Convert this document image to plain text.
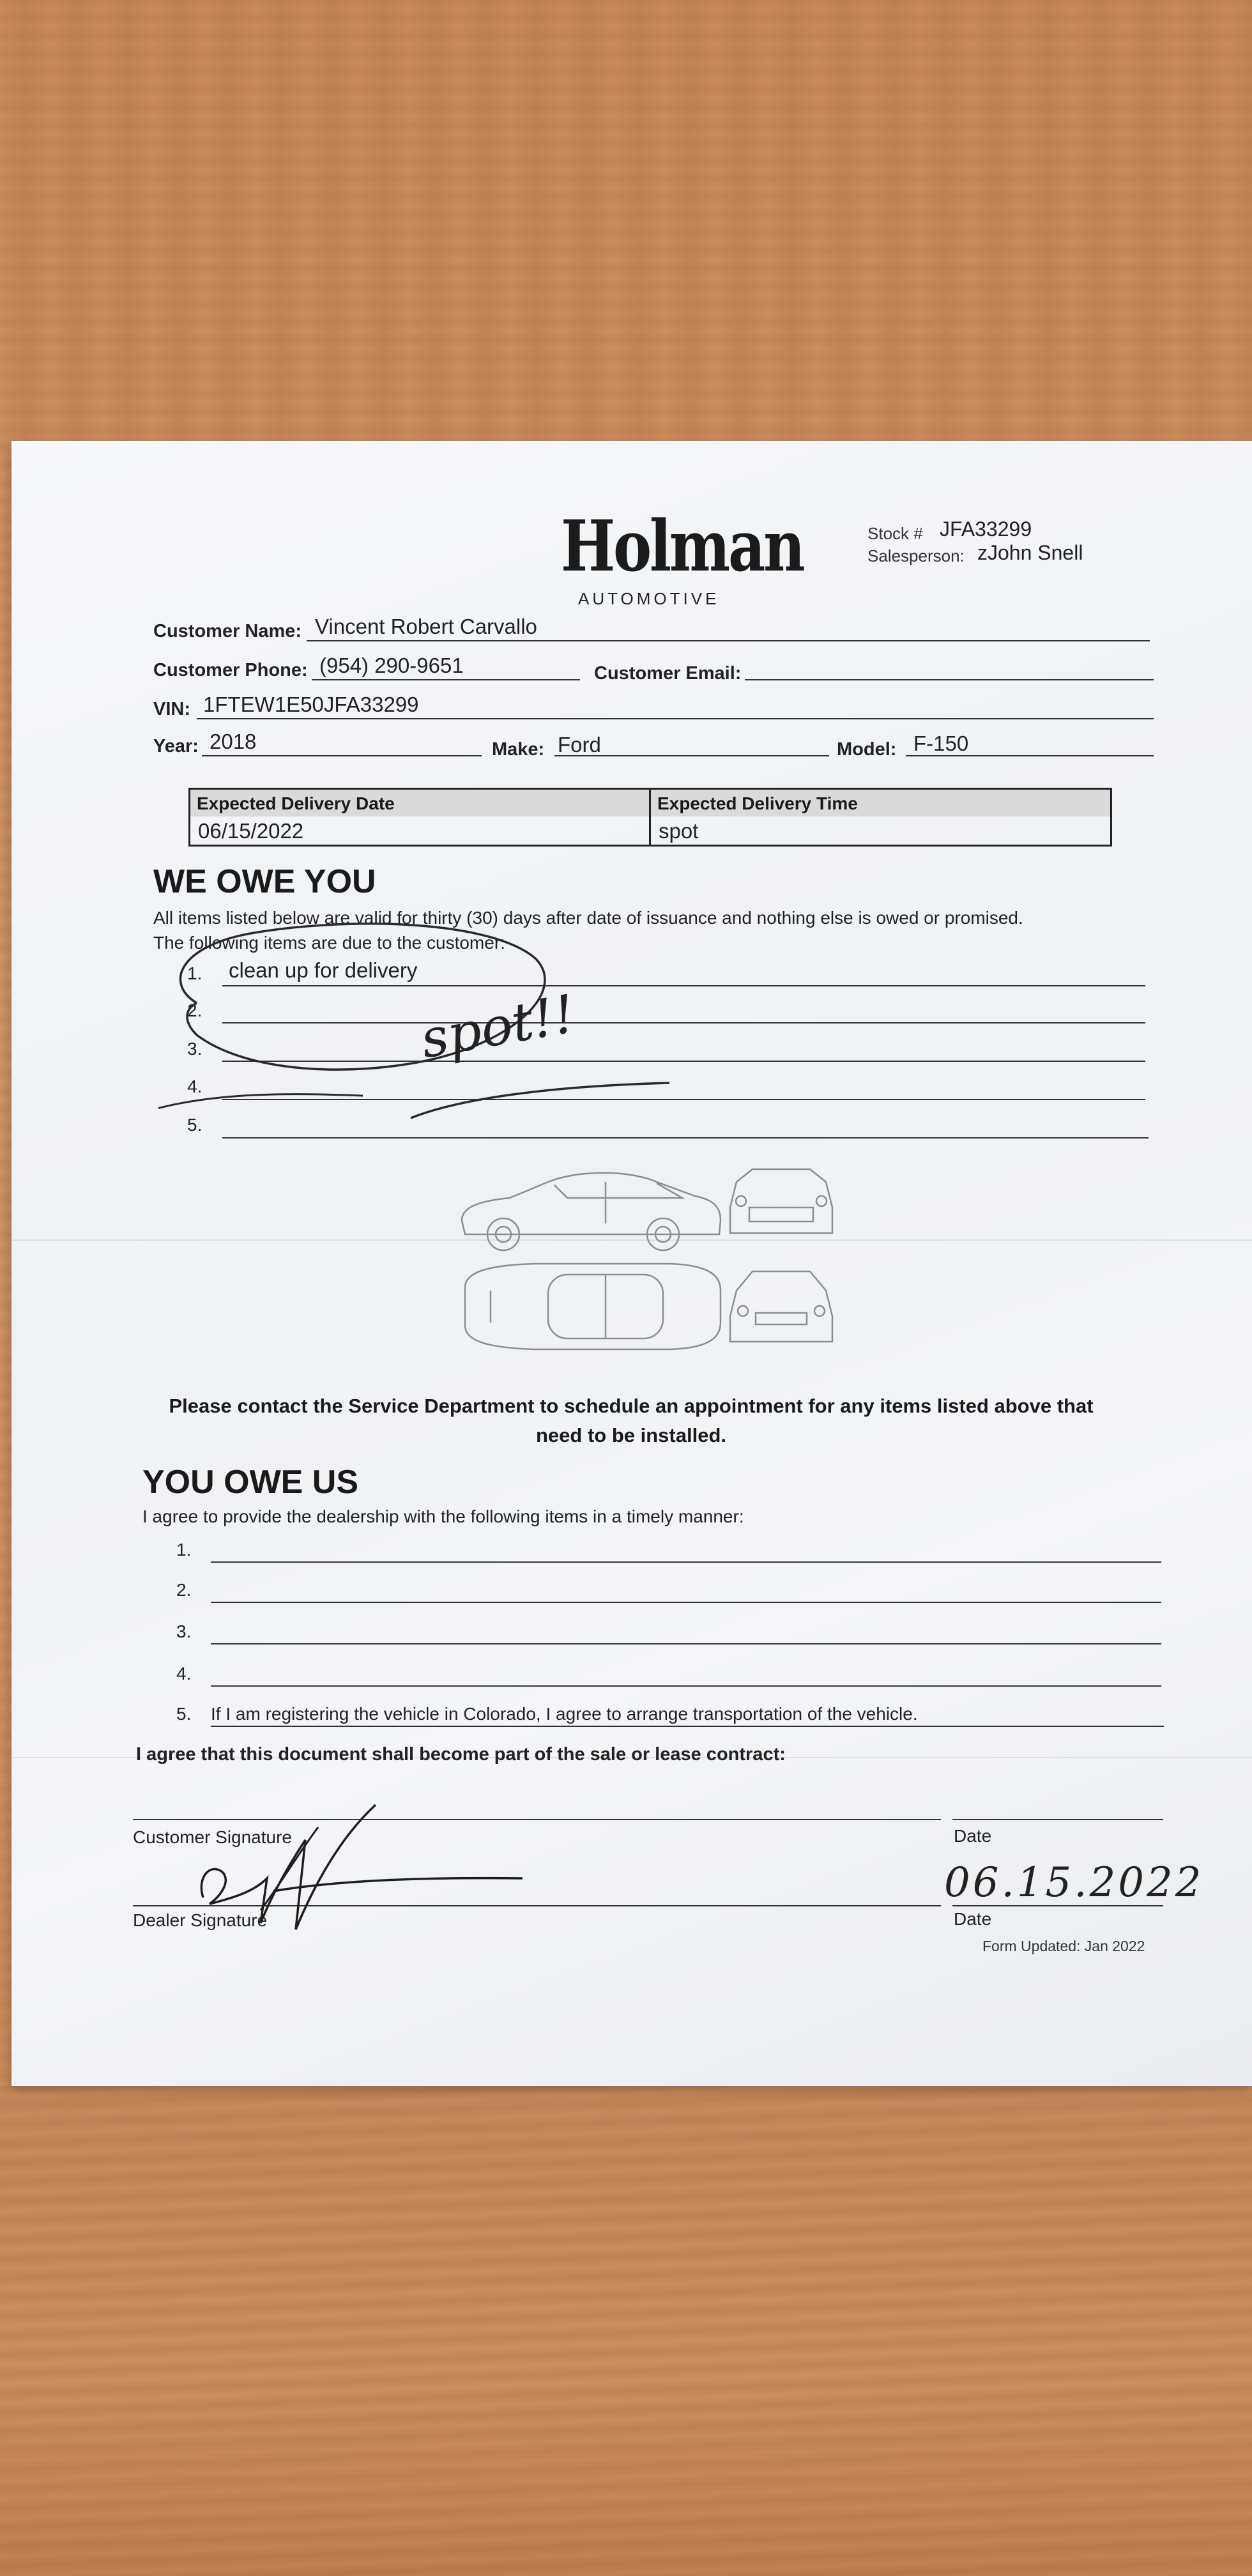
Holman
AUTOMOTIVE
Stock # JFA33299
Salesperson: zJohn Snell
Customer Name: Vincent Robert Carvallo
Customer Phone: (954) 290-9651	Customer Email:
VIN: 1FTEW1E50JFA33299
Year: 2018	Make: Ford	Model: F-150
Expected Delivery Date	Expected Delivery Time
06/15/2022	spot
WE OWE YOU
All items listed below are valid for thirty (30) days after date of issuance and nothing else is owed or promised.
The following items are due to the customer:
1. clean up for delivery
2.
3.
4.
5.
spot!!
Please contact the Service Department to schedule an appointment for any items listed above that
need to be installed.
YOU OWE US
I agree to provide the dealership with the following items in a timely manner:
1.
2.
3.
4.
5. If I am registering the vehicle in Colorado, I agree to arrange transportation of the vehicle.
I agree that this document shall become part of the sale or lease contract:
Customer Signature	Date
Dealer Signature	Date
06.15.2022
Form Updated: Jan 2022
